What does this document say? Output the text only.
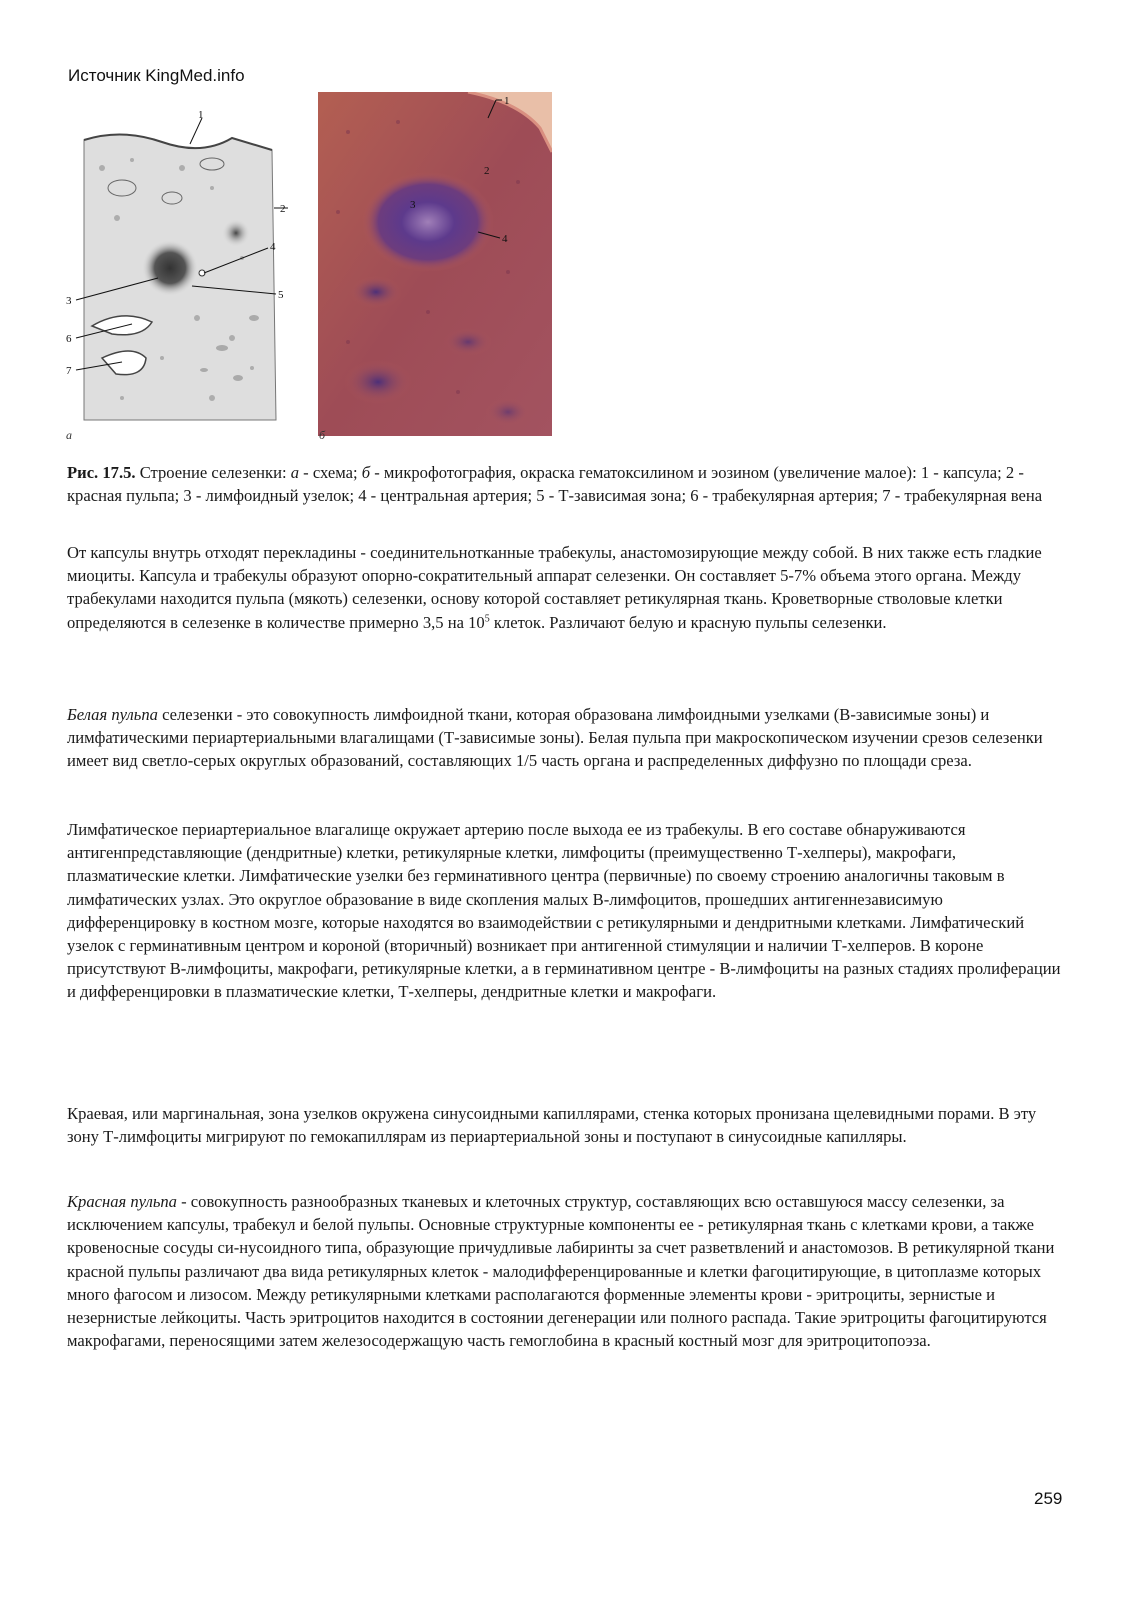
Источник KingMed.info
1
2
4
3	5
6
7
а
1
2
3
4
б
Рис. 17.5. Строение селезенки: а - схема; б - микрофотография, окраска гематоксилином и эозином (увеличение малое): 1 - капсула; 2 - красная пульпа; 3 - лимфоидный узелок; 4 - центральная артерия; 5 - Т-зависимая зона; 6 - трабекулярная артерия; 7 - трабекулярная вена

От капсулы внутрь отходят перекладины - соединительнотканные трабекулы, анастомозирующие между собой. В них также есть гладкие миоциты. Капсула и трабекулы образуют опорно-сократительный аппарат селезенки. Он составляет 5-7% объема этого органа. Между трабекулами находится пульпа (мякоть) селезенки, основу которой составляет ретикулярная ткань. Кроветворные стволовые клетки определяются в селезенке в количестве примерно 3,5 на $10^5$ клеток. Различают белую и красную пульпы селезенки.

Белая пульпа селезенки - это совокупность лимфоидной ткани, которая образована лимфоидными узелками (В-зависимые зоны) и лимфатическими периартериальными влагалищами (Т-зависимые зоны). Белая пульпа при макроскопическом изучении срезов селезенки имеет вид светло-серых округлых образований, составляющих 1/5 часть органа и распределенных диффузно по площади среза.

Лимфатическое периартериальное влагалище окружает артерию после выхода ее из трабекулы. В его составе обнаруживаются антигенпредставляющие (дендритные) клетки, ретикулярные клетки, лимфоциты (преимущественно Т-хелперы), макрофаги, плазматические клетки. Лимфатические узелки без герминативного центра (первичные) по своему строению аналогичны таковым в лимфатических узлах. Это округлое образование в виде скопления малых В-лимфоцитов, прошедших антигеннезависимую дифференцировку в костном мозге, которые находятся во взаимодействии с ретикулярными и дендритными клетками. Лимфатический узелок с герминативным центром и короной (вторичный) возникает при антигенной стимуляции и наличии Т-хелперов. В короне присутствуют В-лимфоциты, макрофаги, ретикулярные клетки, а в герминативном центре - В-лимфоциты на разных стадиях пролиферации и дифференцировки в плазматические клетки, Т-хелперы, дендритные клетки и макрофаги.

Краевая, или маргинальная, зона узелков окружена синусоидными капиллярами, стенка которых пронизана щелевидными порами. В эту зону Т-лимфоциты мигрируют по гемокапиллярам из периартериальной зоны и поступают в синусоидные капилляры.

Красная пульпа - совокупность разнообразных тканевых и клеточных структур, составляющих всю оставшуюся массу селезенки, за исключением капсулы, трабекул и белой пульпы. Основные структурные компоненты ее - ретикулярная ткань с клетками крови, а также кровеносные сосуды си-нусоидного типа, образующие причудливые лабиринты за счет разветвлений и анастомозов. В ретикулярной ткани красной пульпы различают два вида ретикулярных клеток - малодифференцированные и клетки фагоцитирующие, в цитоплазме которых много фагосом и лизосом. Между ретикулярными клетками располагаются форменные элементы крови - эритроциты, зернистые и незернистые лейкоциты. Часть эритроцитов находится в состоянии дегенерации или полного распада. Такие эритроциты фагоцитируются макрофагами, переносящими затем железосодержащую часть гемоглобина в красный костный мозг для эритроцитопоэза.

259
